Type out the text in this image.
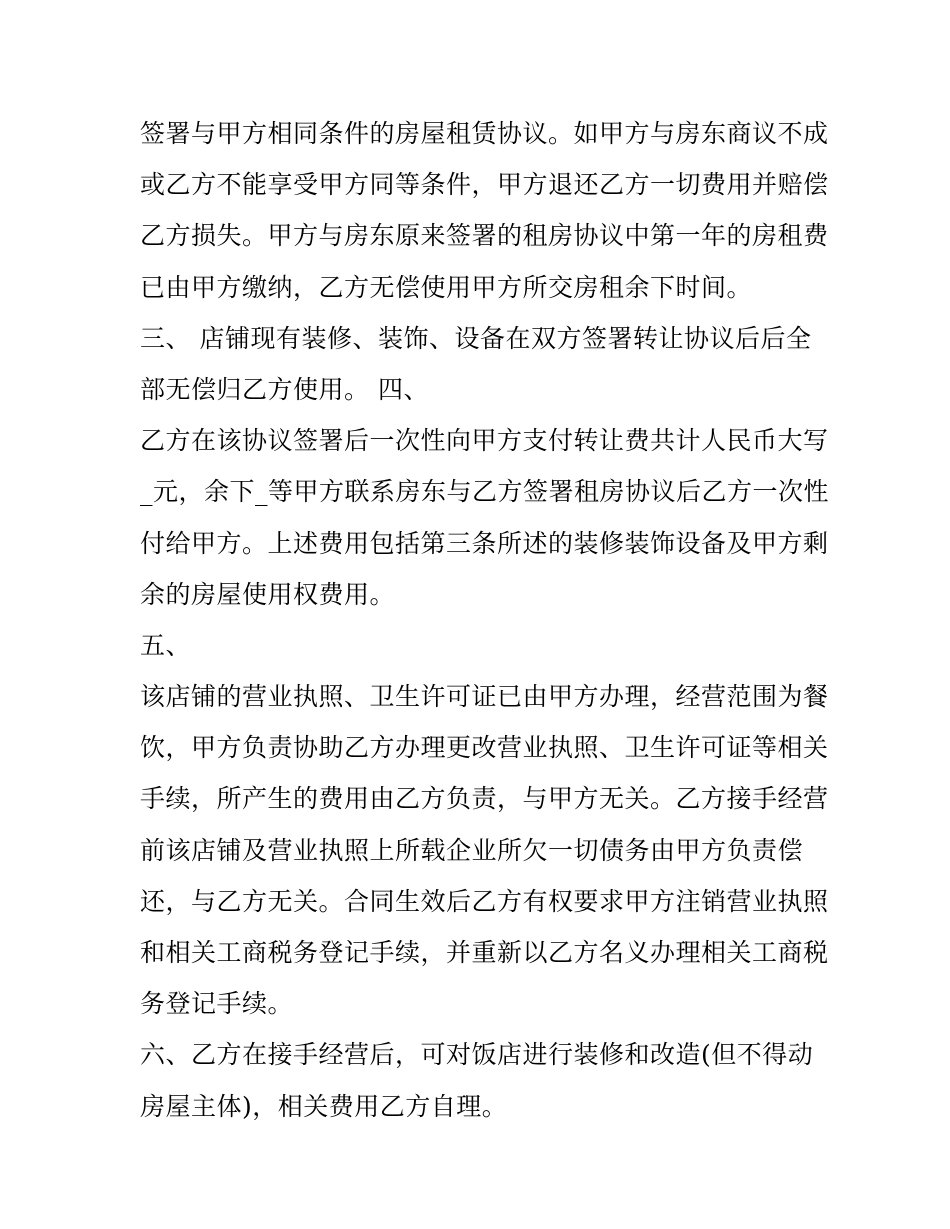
签署与甲方相同条件的房屋租赁协议。如甲方与房东商议不成
或乙方不能享受甲方同等条件，甲方退还乙方一切费用并赔偿
乙方损失。甲方与房东原来签署的租房协议中第一年的房租费
已由甲方缴纳，乙方无偿使用甲方所交房租余下时间。
三、 店铺现有装修、装饰、设备在双方签署转让协议后后全
部无偿归乙方使用。 四、
乙方在该协议签署后一次性向甲方支付转让费共计人民币大写
_元，余下_等甲方联系房东与乙方签署租房协议后乙方一次性
付给甲方。上述费用包括第三条所述的装修装饰设备及甲方剩
余的房屋使用权费用。
五、
该店铺的营业执照、卫生许可证已由甲方办理，经营范围为餐
饮，甲方负责协助乙方办理更改营业执照、卫生许可证等相关
手续，所产生的费用由乙方负责，与甲方无关。乙方接手经营
前该店铺及营业执照上所载企业所欠一切债务由甲方负责偿
还，与乙方无关。合同生效后乙方有权要求甲方注销营业执照
和相关工商税务登记手续，并重新以乙方名义办理相关工商税
务登记手续。
六、乙方在接手经营后，可对饭店进行装修和改造(但不得动
房屋主体)，相关费用乙方自理。
